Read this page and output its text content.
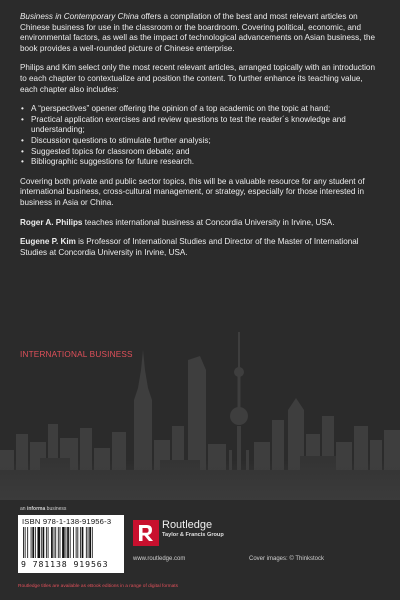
Business in Contemporary China offers a compilation of the best and most relevant articles on Chinese business for use in the classroom or the boardroom. Covering political, economic, and environmental factors, as well as the impact of technological advancements on Asian business, the book provides a well-rounded picture of Chinese enterprise.

Philips and Kim select only the most recent relevant articles, arranged topically with an introduction to each chapter to contextualize and position the content. To further enhance its teaching value, each chapter also includes:

• A “perspectives” opener offering the opinion of a top academic on the topic at hand;
• Practical application exercises and review questions to test the reader´s knowledge and understanding;
• Discussion questions to stimulate further analysis;
• Suggested topics for classroom debate; and
• Bibliographic suggestions for future research.

Covering both private and public sector topics, this will be a valuable resource for any student of international business, cross-cultural management, or strategy, especially for those interested in business in Asia or China.

Roger A. Philips teaches international business at Concordia University in Irvine, USA.

Eugene P. Kim is Professor of International Studies and Director of the Master of International Studies at Concordia University in Irvine, USA.

INTERNATIONAL BUSINESS
an informa business
ISBN 978-1-138-91956-3
9 781138 919563
Routledge
Taylor & Francis Group
www.routledge.com	Cover images: © Thinkstock
Routledge titles are available as eBook editions in a range of digital formats
